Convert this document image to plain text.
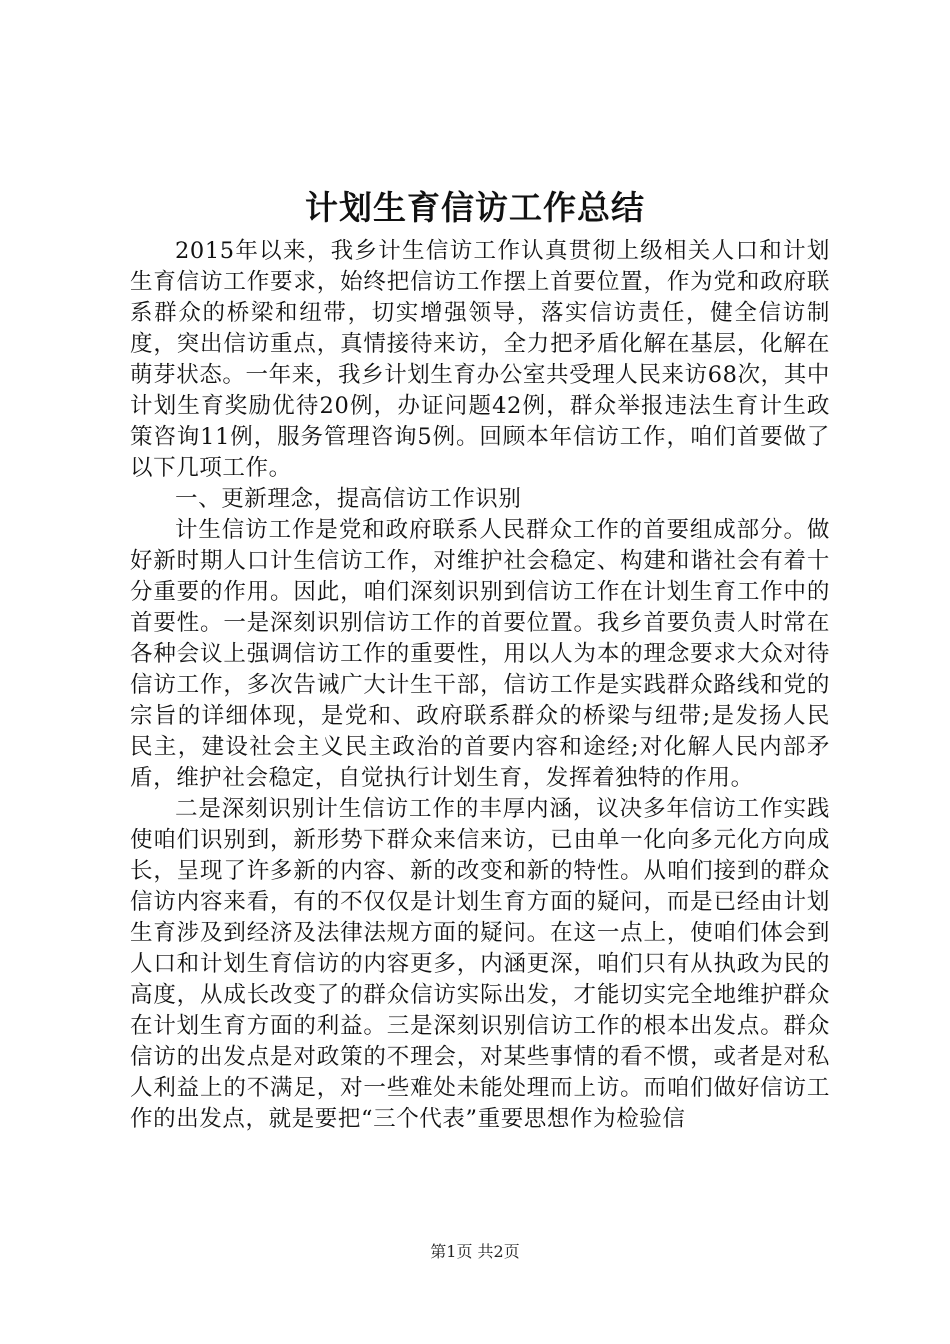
计划生育信访工作总结

2015年以来，我乡计生信访工作认真贯彻上级相关人口和计划生育信访工作要求，始终把信访工作摆上首要位置，作为党和政府联系群众的桥梁和纽带，切实增强领导，落实信访责任，健全信访制度，突出信访重点，真情接待来访，全力把矛盾化解在基层，化解在萌芽状态。一年来，我乡计划生育办公室共受理人民来访68次，其中计划生育奖励优待20例，办证问题42例，群众举报违法生育计生政策咨询11例，服务管理咨询5例。回顾本年信访工作，咱们首要做了以下几项工作。

一、更新理念，提高信访工作识别

计生信访工作是党和政府联系人民群众工作的首要组成部分。做好新时期人口计生信访工作，对维护社会稳定、构建和谐社会有着十分重要的作用。因此，咱们深刻识别到信访工作在计划生育工作中的首要性。一是深刻识别信访工作的首要位置。我乡首要负责人时常在各种会议上强调信访工作的重要性，用以人为本的理念要求大众对待信访工作，多次告诫广大计生干部，信访工作是实践群众路线和党的宗旨的详细体现，是党和、政府联系群众的桥梁与纽带;是发扬人民民主，建设社会主义民主政治的首要内容和途经;对化解人民内部矛盾，维护社会稳定，自觉执行计划生育，发挥着独特的作用。

二是深刻识别计生信访工作的丰厚内涵，议决多年信访工作实践使咱们识别到，新形势下群众来信来访，已由单一化向多元化方向成长，呈现了许多新的内容、新的改变和新的特性。从咱们接到的群众信访内容来看，有的不仅仅是计划生育方面的疑问，而是已经由计划生育涉及到经济及法律法规方面的疑问。在这一点上，使咱们体会到人口和计划生育信访的内容更多，内涵更深，咱们只有从执政为民的高度，从成长改变了的群众信访实际出发，才能切实完全地维护群众在计划生育方面的利益。三是深刻识别信访工作的根本出发点。群众信访的出发点是对政策的不理会，对某些事情的看不惯，或者是对私人利益上的不满足，对一些难处未能处理而上访。而咱们做好信访工作的出发点，就是要把“三个代表”重要思想作为检验信

第1页 共2页
